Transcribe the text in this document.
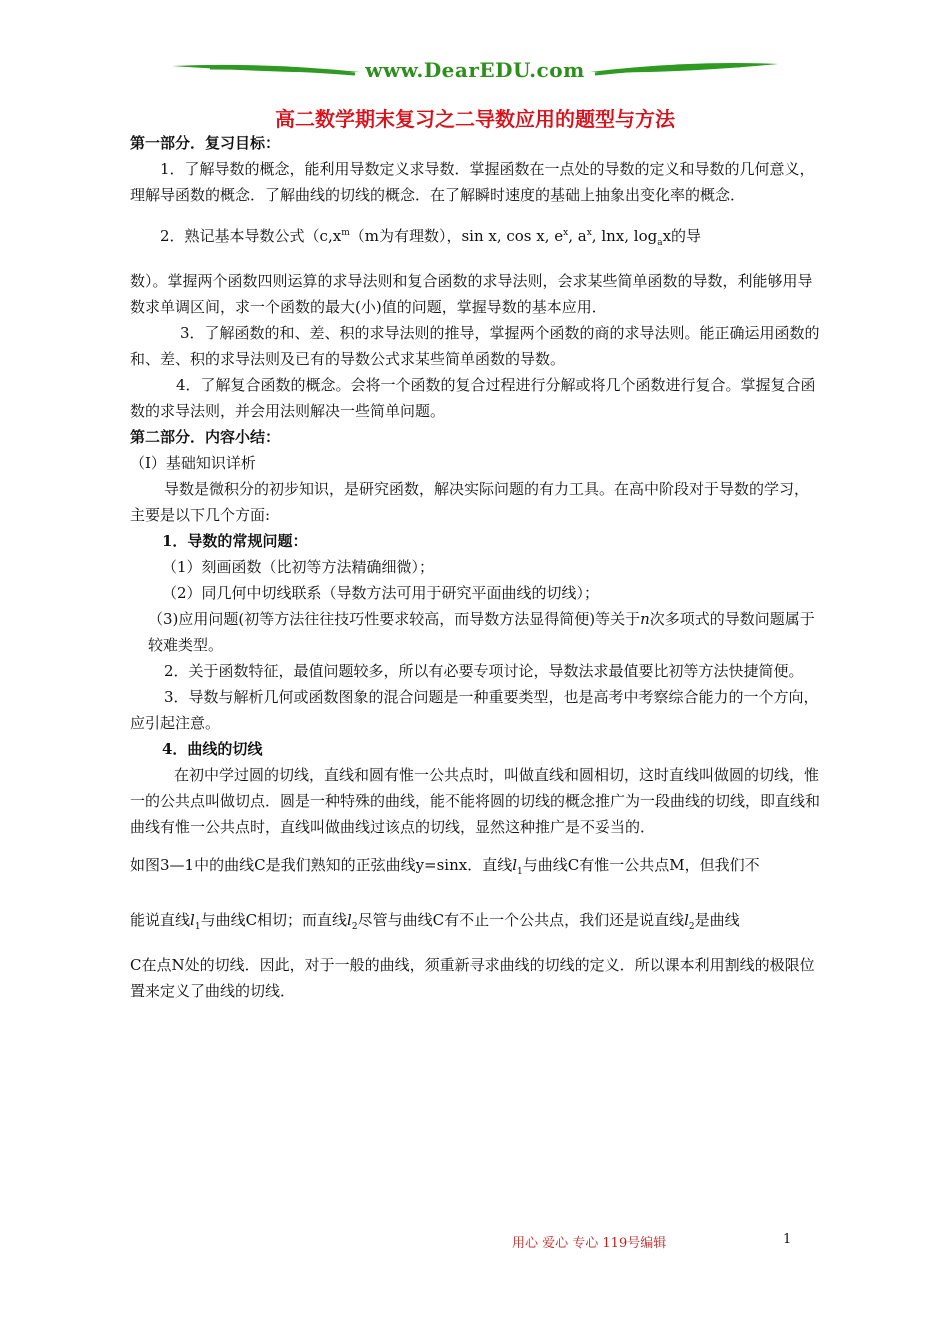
www.DearEDU.com
高二数学期末复习之二导数应用的题型与方法

第一部分．复习目标：

1．了解导数的概念，能利用导数定义求导数．掌握函数在一点处的导数的定义和导数的几何意义，理解导函数的概念．了解曲线的切线的概念．在了解瞬时速度的基础上抽象出变化率的概念．

2．熟记基本导数公式（$c,x^m(m$为有理数），sin x, cos x, $e^x$, $a^x$, lnx, $\log_ax$的导

数）。掌握两个函数四则运算的求导法则和复合函数的求导法则，会求某些简单函数的导数，利能够用导数求单调区间，求一个函数的最大(小)值的问题，掌握导数的基本应用．

3．了解函数的和、差、积的求导法则的推导，掌握两个函数的商的求导法则。能正确运用函数的和、差、积的求导法则及已有的导数公式求某些简单函数的导数。

4．了解复合函数的概念。会将一个函数的复合过程进行分解或将几个函数进行复合。掌握复合函数的求导法则，并会用法则解决一些简单问题。

第二部分．内容小结：

（Ⅰ）基础知识详析

导数是微积分的初步知识，是研究函数，解决实际问题的有力工具。在高中阶段对于导数的学习，主要是以下几个方面:

1．导数的常规问题：

（1）刻画函数（比初等方法精确细微）；

（2）同几何中切线联系（导数方法可用于研究平面曲线的切线）；

（3)应用问题(初等方法往往技巧性要求较高，而导数方法显得简便)等关于n次多项式的导数问题属于较难类型。

2．关于函数特征，最值问题较多，所以有必要专项讨论，导数法求最值要比初等方法快捷简便。

3．导数与解析几何或函数图象的混合问题是一种重要类型，也是高考中考察综合能力的一个方向，应引起注意。

4．曲线的切线

在初中学过圆的切线，直线和圆有惟一公共点时，叫做直线和圆相切，这时直线叫做圆的切线，惟一的公共点叫做切点．圆是一种特殊的曲线，能不能将圆的切线的概念推广为一段曲线的切线，即直线和曲线有惟一公共点时，直线叫做曲线过该点的切线，显然这种推广是不妥当的．

如图3—1中的曲线C是我们熟知的正弦曲线y=sinx．直线$l_1$与曲线C有惟一公共点M，但我们不

能说直线$l_1$与曲线C相切；而直线$l_2$尽管与曲线C有不止一个公共点，我们还是说直线$l_2$是曲线

C在点N处的切线．因此，对于一般的曲线，须重新寻求曲线的切线的定义．所以课本利用割线的极限位置来定义了曲线的切线．

用心 爱心 专心 119号编辑	1
